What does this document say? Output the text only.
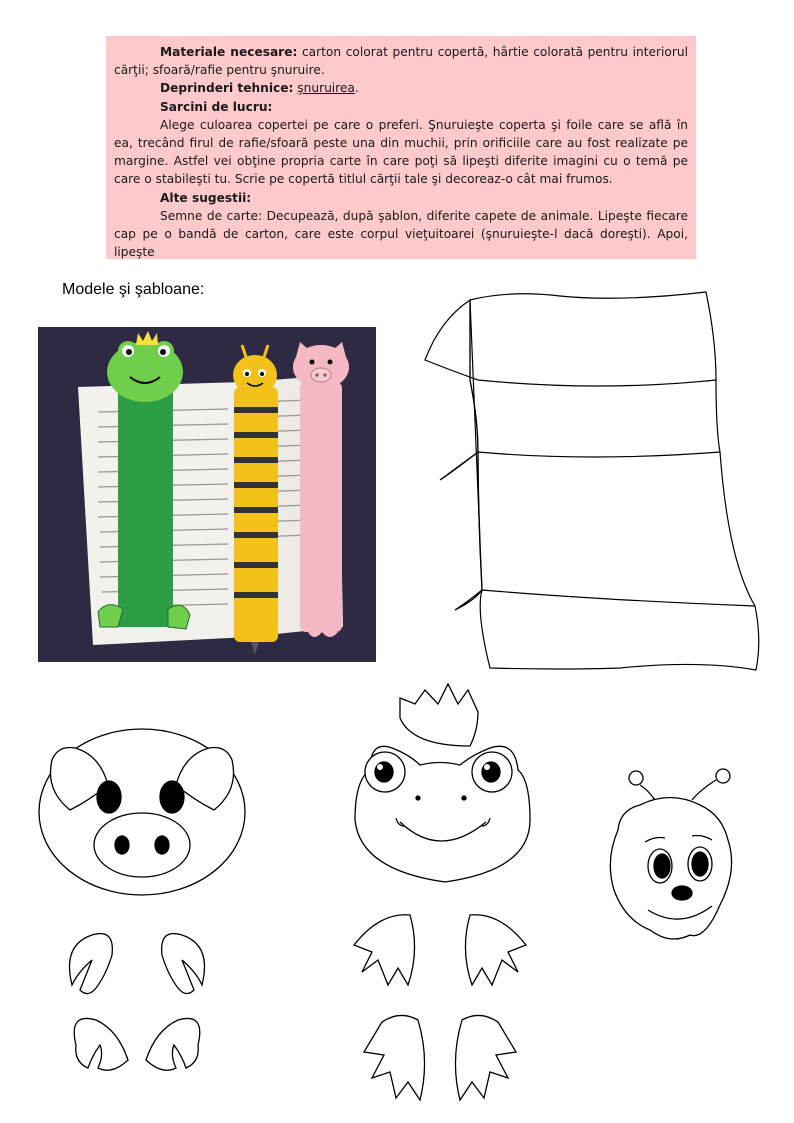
Materiale necesare: carton colorat pentru copertă, hârtie colorată pentru interiorul cărţii; sfoară/rafie pentru şnuruire.

Deprinderi tehnice: şnuruirea.

Sarcini de lucru:

Alege culoarea copertei pe care o preferi. Şnuruieşte coperta şi foile care se află în ea, trecând firul de rafie/sfoară peste una din muchii, prin orificiile care au fost realizate pe margine. Astfel vei obţine propria carte în care poţi să lipeşti diferite imagini cu o temă pe care o stabileşti tu. Scrie pe copertă titlul cărţii tale şi decoreaz-o cât mai frumos.

Alte sugestii:

Semne de carte: Decupează, după şablon, diferite capete de animale. Lipeşte fiecare cap pe o bandă de carton, care este corpul vieţuitoarei (şnuruieşte-l dacă doreşti). Apoi, lipeşte

Modele şi şabloane:
